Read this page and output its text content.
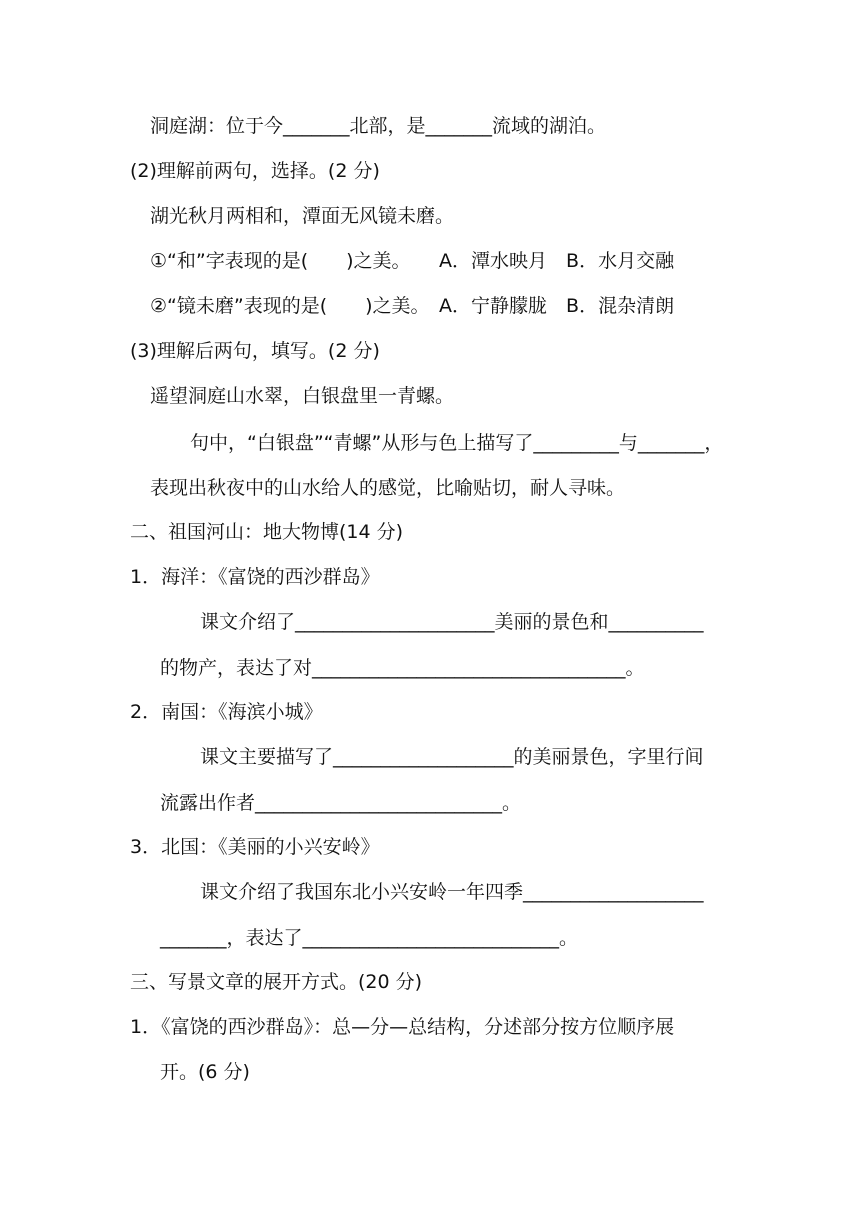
洞庭湖：位于今_______北部，是_______流域的湖泊。
(2)理解前两句，选择。(2 分)
湖光秋月两相和，潭面无风镜未磨。
①“和”字表现的是(　　)之美。　　A．潭水映月　B．水月交融
②“镜未磨”表现的是(　　)之美。　A．宁静朦胧　B．混杂清朗
(3)理解后两句，填写。(2 分)
遥望洞庭山水翠，白银盘里一青螺。
句中，“白银盘”“青螺”从形与色上描写了_________与_______，
表现出秋夜中的山水给人的感觉，比喻贴切，耐人寻味。
二、祖国河山：地大物博(14 分)
1．海洋：《富饶的西沙群岛》
课文介绍了_____________________美丽的景色和__________
的物产，表达了对_________________________________。
2．南国：《海滨小城》
课文主要描写了___________________的美丽景色，字里行间
流露出作者__________________________。
3．北国：《美丽的小兴安岭》
课文介绍了我国东北小兴安岭一年四季___________________
_______，表达了___________________________。
三、写景文章的展开方式。(20 分)
1．《富饶的西沙群岛》：总—分—总结构，分述部分按方位顺序展
开。(6 分)
